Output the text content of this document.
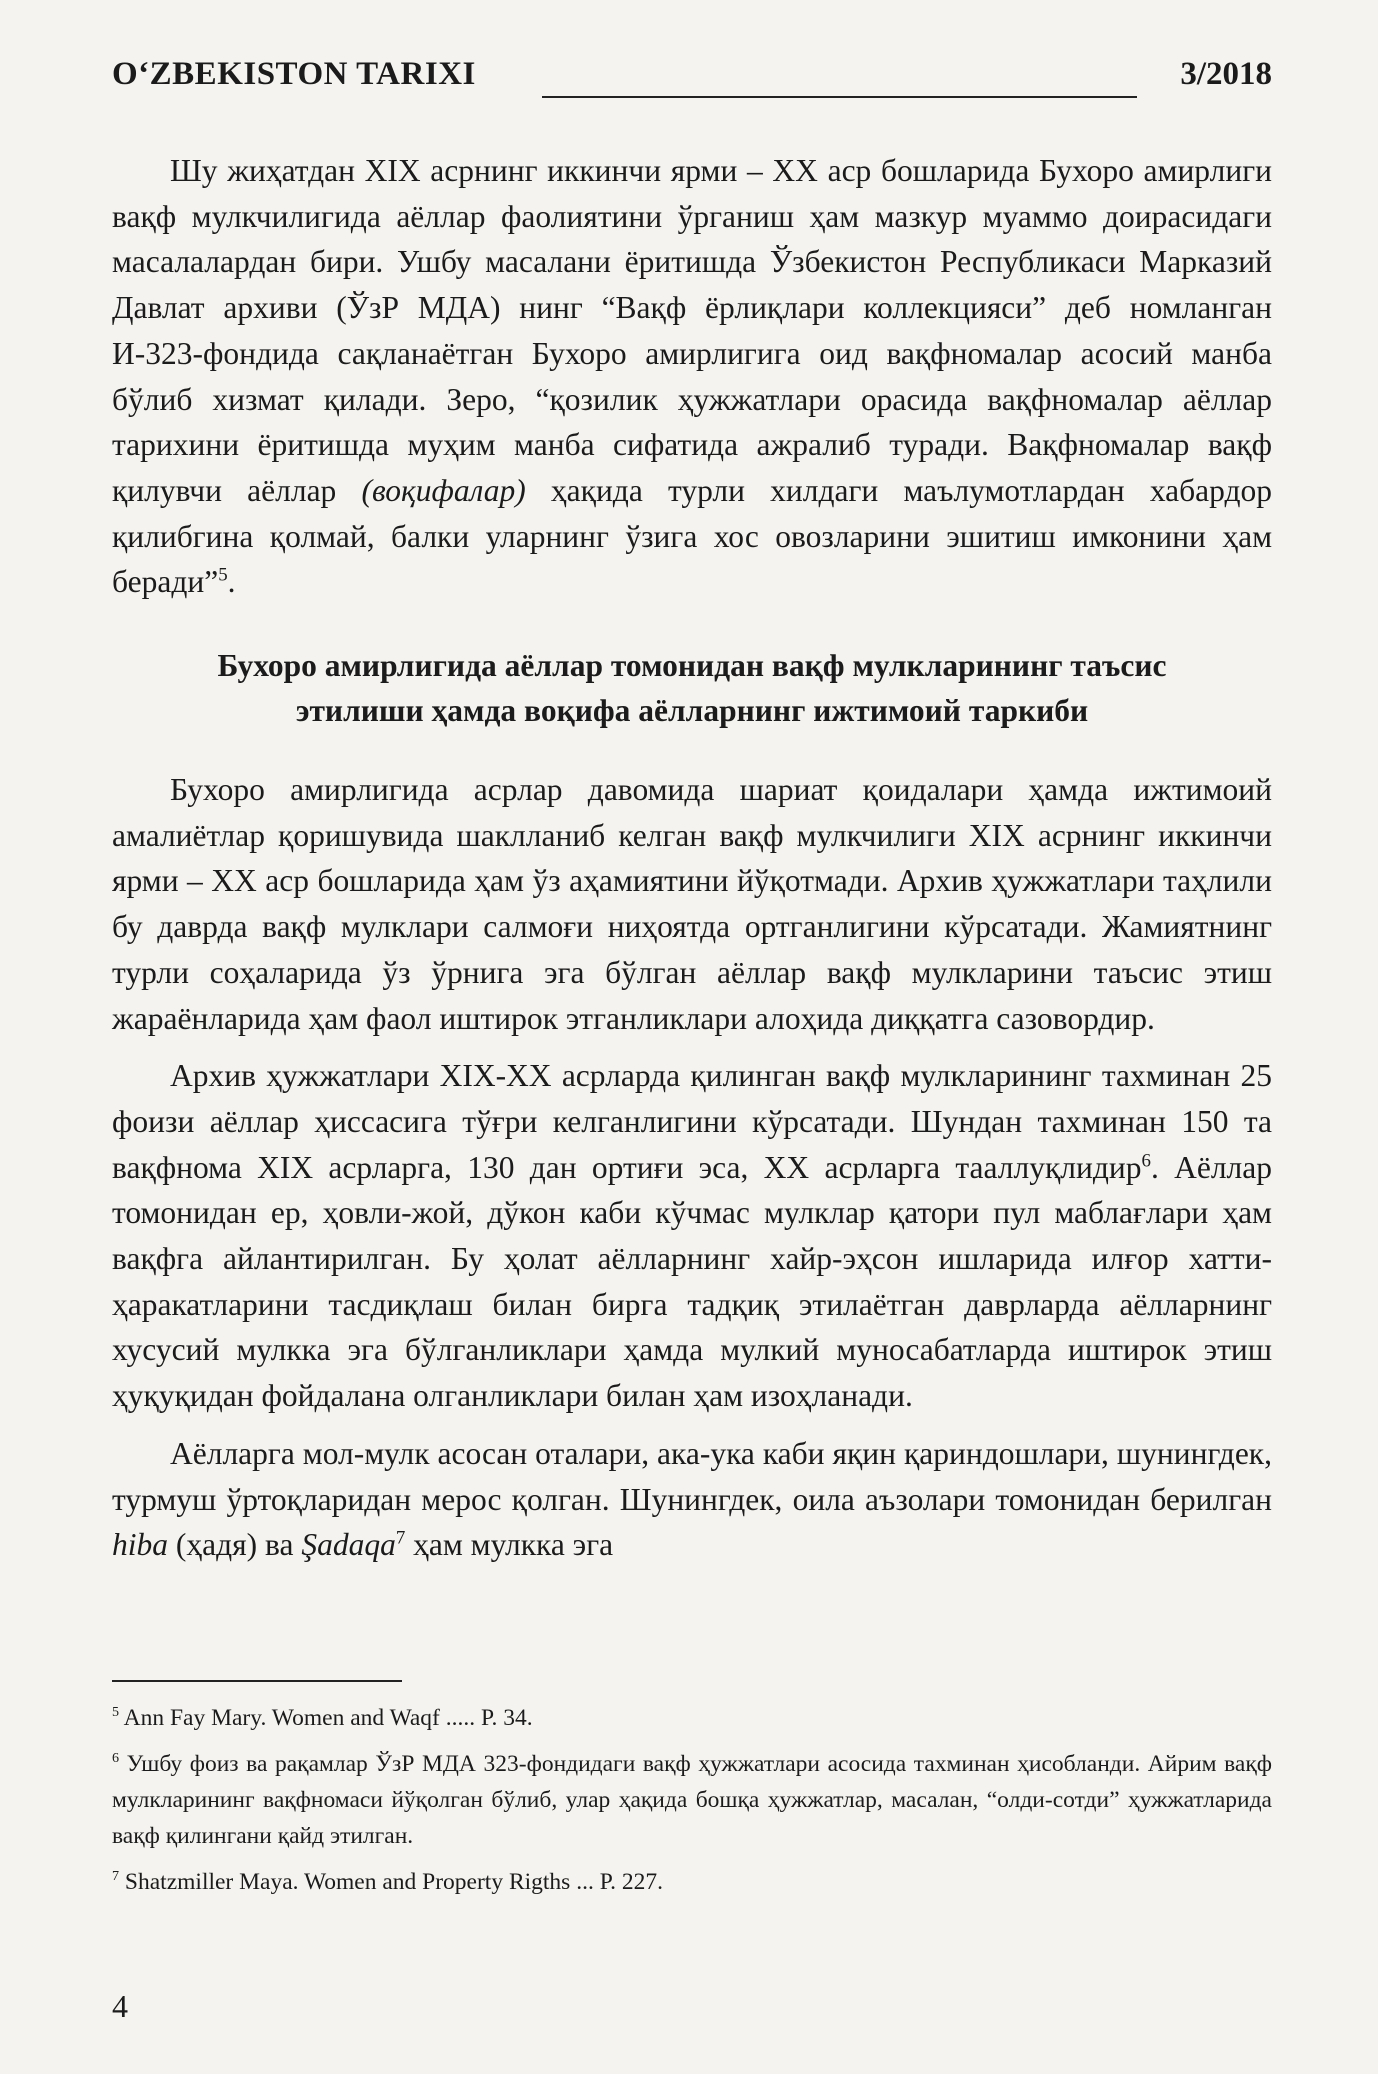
O‘ZBEKISTON TARIXI	3/2018

Шу жиҳатдан XIX асрнинг иккинчи ярми – XX аср бошларида Бухоро амирлиги вақф мулкчилигида аёллар фаолиятини ўрганиш ҳам мазкур муаммо доирасидаги масалалардан бири. Ушбу масалани ёритишда Ўзбекистон Республикаси Марказий Давлат архиви (ЎзР МДА) нинг “Вақф ёрлиқлари коллекцияси” деб номланган И-323-фондида сақланаётган Бухоро амирлигига оид вақфномалар асосий манба бўлиб хизмат қилади. Зеро, “қозилик ҳужжатлари орасида вақфномалар аёллар тарихини ёритишда муҳим манба сифатида ажралиб туради. Вақфномалар вақф қилувчи аёллар (воқифалар) ҳақида турли хилдаги маълумотлардан хабардор қилибгина қолмай, балки уларнинг ўзига хос овозларини эшитиш имконини ҳам беради”$^5$.

Бухоро амирлигида аёллар томонидан вақф мулкларининг таъсис
этилиши ҳамда воқифа аёлларнинг ижтимоий таркиби

Бухоро амирлигида асрлар давомида шариат қоидалари ҳамда ижтимоий амалиётлар қоришувида шаклланиб келган вақф мулкчилиги XIX асрнинг иккинчи ярми – XX аср бошларида ҳам ўз аҳамиятини йўқотмади. Архив ҳужжатлари таҳлили бу даврда вақф мулклари салмоғи ниҳоятда ортганлигини кўрсатади. Жамиятнинг турли соҳаларида ўз ўрнига эга бўлган аёллар вақф мулкларини таъсис этиш жараёнларида ҳам фаол иштирок этганликлари алоҳида диққатга сазовордир.

Архив ҳужжатлари XIX-XX асрларда қилинган вақф мулкларининг тахминан 25 фоизи аёллар ҳиссасига тўғри келганлигини кўрсатади. Шундан тахминан 150 та вақфнома XIX асрларга, 130 дан ортиғи эса, XX асрларга тааллуқлидир$^6$. Аёллар томонидан ер, ҳовли-жой, дўкон каби кўчмас мулклар қатори пул маблағлари ҳам вақфга айлантирилган. Бу ҳолат аёлларнинг хайр-эҳсон ишларида илғор хатти-ҳаракатларини тасдиқлаш билан бирга тадқиқ этилаётган даврларда аёлларнинг хусусий мулкка эга бўлганликлари ҳамда мулкий муносабатларда иштирок этиш ҳуқуқидан фойдалана олганликлари билан ҳам изоҳланади.

Аёлларга мол-мулк асосан оталари, ака-ука каби яқин қариндошлари, шунингдек, турмуш ўртоқларидан мерос қолган. Шунингдек, оила аъзолари томонидан берилган hiba (ҳадя) ва Şadaqa$^7$ ҳам мулкка эга

$^5$ Ann Fay Mary. Women and Waqf ..... P. 34.

$^6$ Ушбу фоиз ва рақамлар ЎзР МДА 323-фондидаги вақф ҳужжатлари асосида тахминан ҳисобланди. Айрим вақф мулкларининг вақфномаси йўқолган бўлиб, улар ҳақида бошқа ҳужжатлар, масалан, “олди-сотди” ҳужжатларида вақф қилингани қайд этилган.

$^7$ Shatzmiller Maya. Women and Property Rigths ... P. 227.

4
